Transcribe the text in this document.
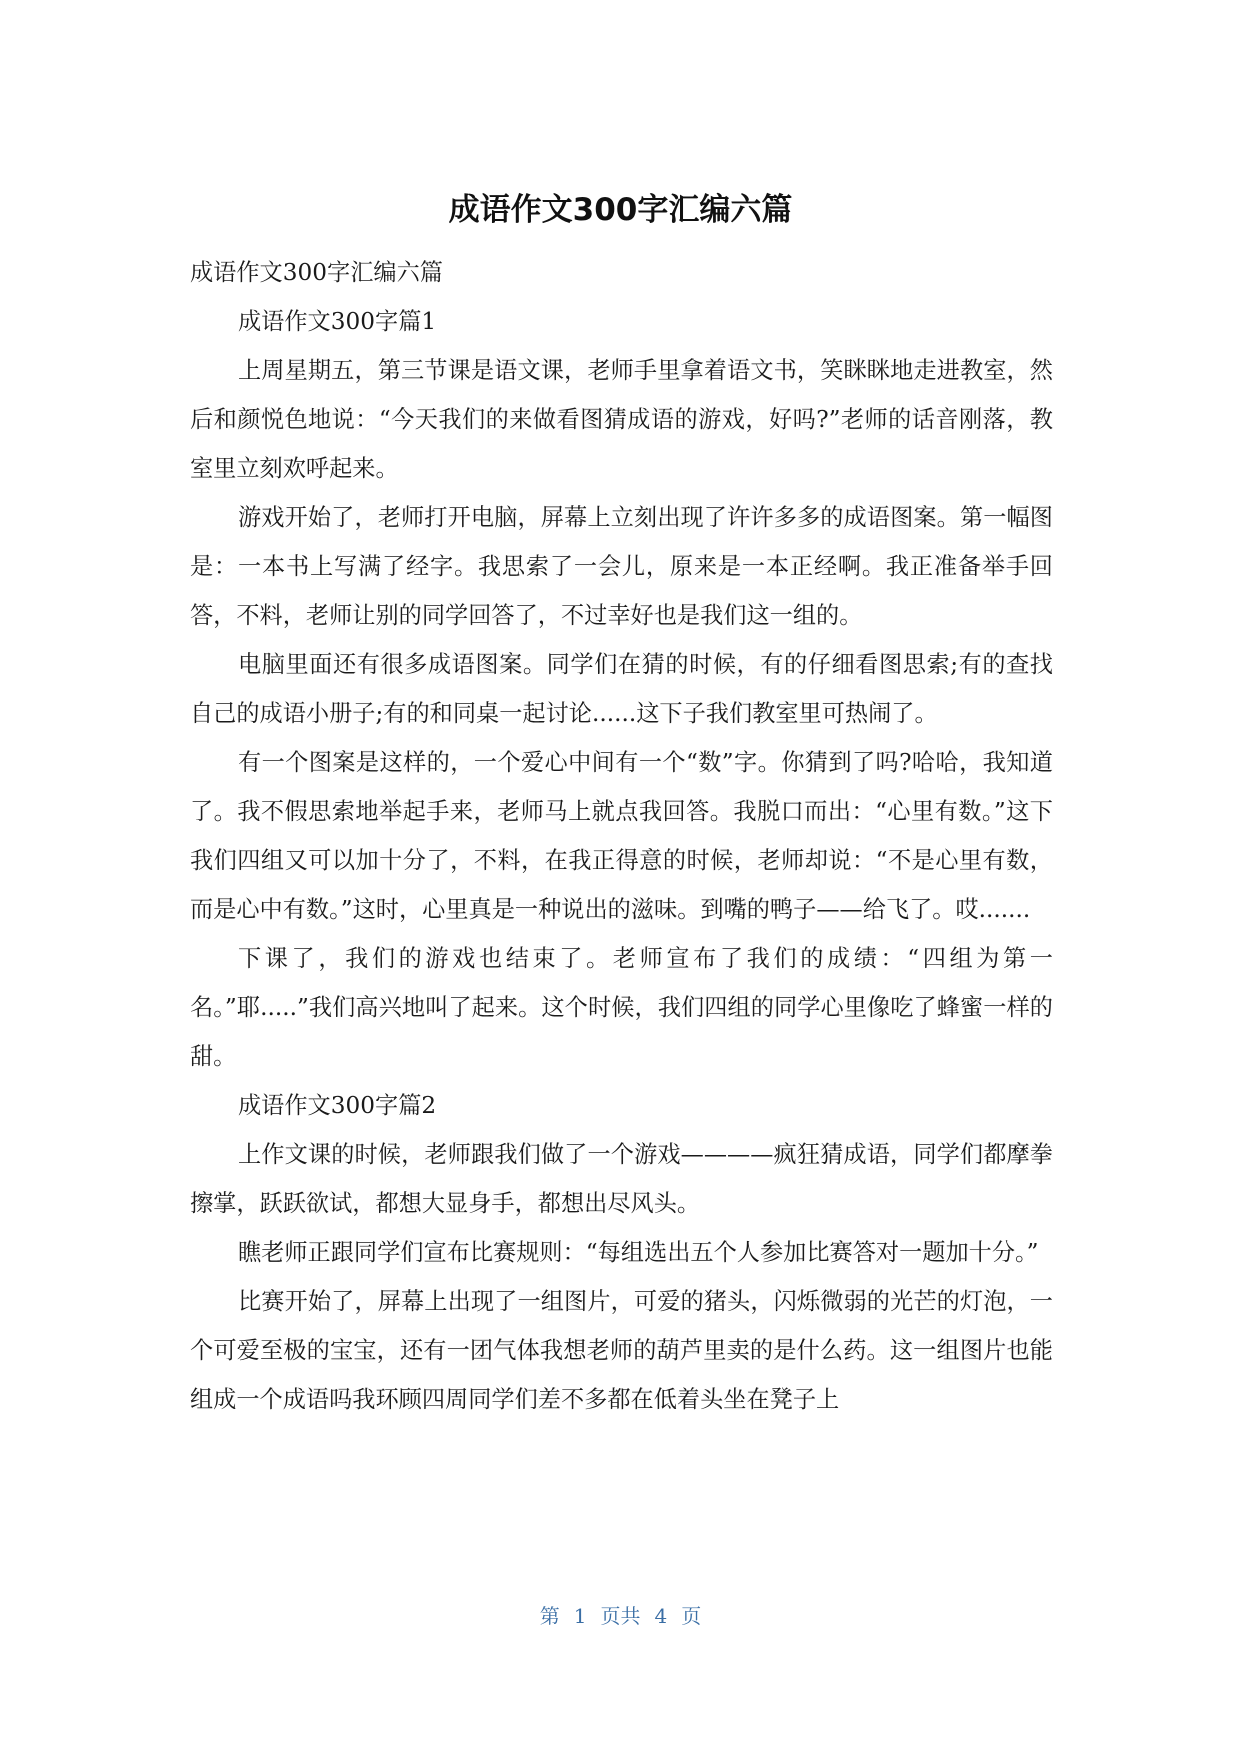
成语作文300字汇编六篇

成语作文300字汇编六篇

成语作文300字篇1

上周星期五，第三节课是语文课，老师手里拿着语文书，笑眯眯地走进教室，然后和颜悦色地说：“今天我们的来做看图猜成语的游戏，好吗?”老师的话音刚落，教室里立刻欢呼起来。

游戏开始了，老师打开电脑，屏幕上立刻出现了许许多多的成语图案。第一幅图是：一本书上写满了经字。我思索了一会儿，原来是一本正经啊。我正准备举手回答，不料，老师让别的同学回答了，不过幸好也是我们这一组的。

电脑里面还有很多成语图案。同学们在猜的时候，有的仔细看图思索;有的查找自己的成语小册子;有的和同桌一起讨论......这下子我们教室里可热闹了。

有一个图案是这样的，一个爱心中间有一个“数”字。你猜到了吗?哈哈，我知道了。我不假思索地举起手来，老师马上就点我回答。我脱口而出：“心里有数。”这下我们四组又可以加十分了，不料，在我正得意的时候，老师却说：“不是心里有数，而是心中有数。”这时，心里真是一种说出的滋味。到嘴的鸭子——给飞了。哎.......

下课了，我们的游戏也结束了。老师宣布了我们的成绩：“四组为第一名。”耶.....”我们高兴地叫了起来。这个时候，我们四组的同学心里像吃了蜂蜜一样的甜。

成语作文300字篇2

上作文课的时候，老师跟我们做了一个游戏————疯狂猜成语，同学们都摩拳擦掌，跃跃欲试，都想大显身手，都想出尽风头。

瞧老师正跟同学们宣布比赛规则：“每组选出五个人参加比赛答对一题加十分。”

比赛开始了，屏幕上出现了一组图片，可爱的猪头，闪烁微弱的光芒的灯泡，一个可爱至极的宝宝，还有一团气体我想老师的葫芦里卖的是什么药。这一组图片也能组成一个成语吗我环顾四周同学们差不多都在低着头坐在凳子上

第 1 页共 4 页
